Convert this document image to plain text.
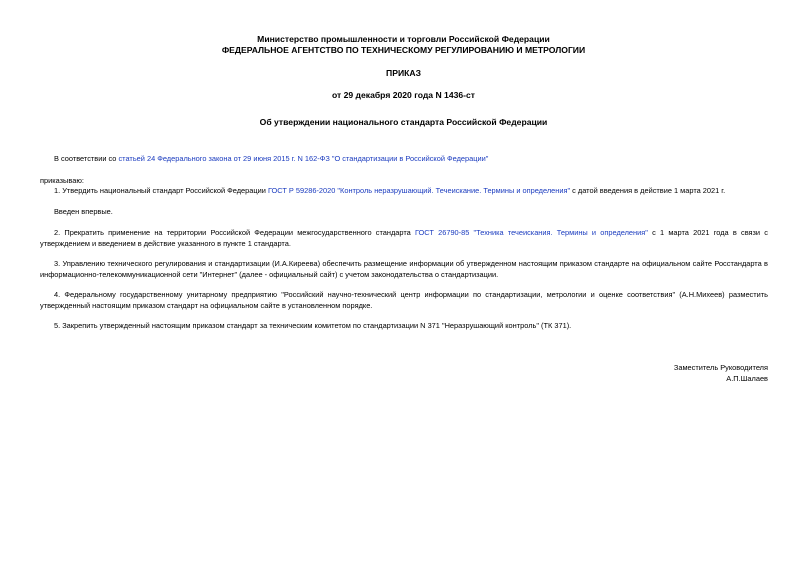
Министерство промышленности и торговли Российской Федерации
ФЕДЕРАЛЬНОЕ АГЕНТСТВО ПО ТЕХНИЧЕСКОМУ РЕГУЛИРОВАНИЮ И МЕТРОЛОГИИ
ПРИКАЗ
от 29 декабря 2020 года N 1436-ст
Об утверждении национального стандарта Российской Федерации
В соответствии со статьей 24 Федерального закона от 29 июня 2015 г. N 162-ФЗ "О стандартизации в Российской Федерации"
приказываю:
1. Утвердить национальный стандарт Российской Федерации ГОСТ Р 59286-2020 "Контроль неразрушающий. Течеискание. Термины и определения" с датой введения в действие 1 марта 2021 г.
Введен впервые.
2. Прекратить применение на территории Российской Федерации межгосударственного стандарта ГОСТ 26790-85 "Техника течеискания. Термины и определения" с 1 марта 2021 года в связи с утверждением и введением в действие указанного в пункте 1 стандарта.
3. Управлению технического регулирования и стандартизации (И.А.Киреева) обеспечить размещение информации об утвержденном настоящим приказом стандарте на официальном сайте Росстандарта в информационно-телекоммуникационной сети "Интернет" (далее - официальный сайт) с учетом законодательства о стандартизации.
4. Федеральному государственному унитарному предприятию "Российский научно-технический центр информации по стандартизации, метрологии и оценке соответствия" (А.Н.Михеев) разместить утвержденный настоящим приказом стандарт на официальном сайте в установленном порядке.
5. Закрепить утвержденный настоящим приказом стандарт за техническим комитетом по стандартизации N 371 "Неразрушающий контроль" (ТК 371).
Заместитель Руководителя
А.П.Шалаев
